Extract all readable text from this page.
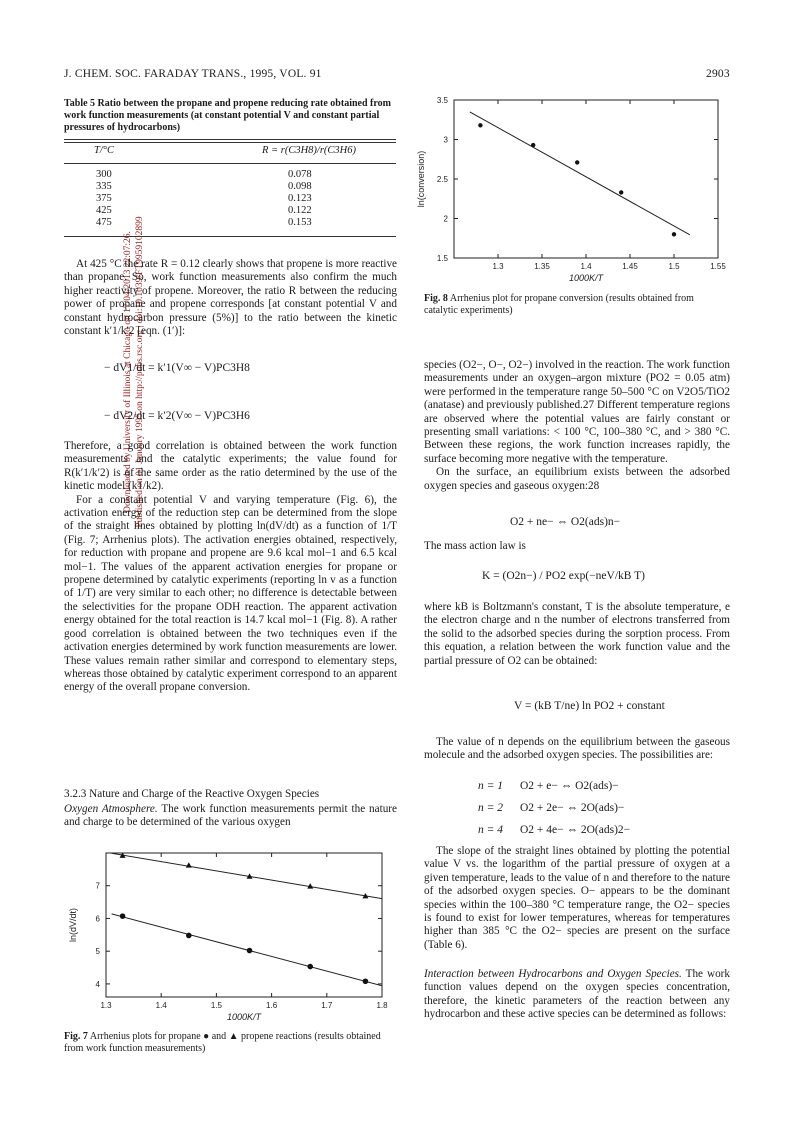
Downloaded by University of Illinois at Chicago on 17/04/2013 22:07:26. Published on 01 January 1995 on http://pubs.rsc.org | doi:10.1039/FT9959102899
J. CHEM. SOC. FARADAY TRANS., 1995, VOL. 91	2903
Table 5 Ratio between the propane and propene reducing rate obtained from work function measurements (at constant potential V and constant partial pressures of hydrocarbons)
T/°C	R = r(C3H8)/r(C3H6)
300	0.078
335	0.098
375	0.123
425	0.122
475	0.153

At 425 °C the rate R = 0.12 clearly shows that propene is more reactive than propane. So, work function measurements also confirm the much higher reactivity of propene. Moreover, the ratio R between the reducing power of propane and propene corresponds [at constant potential V and constant hydrocarbon pressure (5%)] to the ratio between the kinetic constant k′1/k′2 [eqn. (1′)]:

− dV1/dt = k′1(V∞ − V)PC3H8
− dV2/dt = k′2(V∞ − V)PC3H6

Therefore, a good correlation is obtained between the work function measurements and the catalytic experiments; the value found for R(k′1/k′2) is of the same order as the ratio determined by the use of the kinetic model (k1/k2).

For a constant potential V and varying temperature (Fig. 6), the activation energy of the reduction step can be determined from the slope of the straight lines obtained by plotting ln(dV/dt) as a function of 1/T (Fig. 7; Arrhenius plots). The activation energies obtained, respectively, for reduction with propane and propene are 9.6 kcal mol−1 and 6.5 kcal mol−1. The values of the apparent activation energies for propane or propene determined by catalytic experiments (reporting ln v as a function of 1/T) are very similar to each other; no difference is detectable between the selectivities for the propane ODH reaction. The apparent activation energy obtained for the total reaction is 14.7 kcal mol−1 (Fig. 8). A rather good correlation is obtained between the two techniques even if the activation energies determined by work function measurements are lower. These values remain rather similar and correspond to elementary steps, whereas those obtained by catalytic experiment correspond to an apparent energy of the overall propane conversion.

3.2.3 Nature and Charge of the Reactive Oxygen Species

Oxygen Atmosphere. The work function measurements permit the nature and charge to be determined of the various oxygen

1.3	1.4	1.5	1.6	1.7	1.8
4
5
6
7
1000K/T
ln(dV/dt)
Fig. 7 Arrhenius plots for propane ● and ▲ propene reactions (results obtained from work function measurements)
1.3	1.35	1.4	1.45	1.5	1.55
1.5
2
2.5
3
3.5
1000K/T
ln(conversion)
Fig. 8 Arrhenius plot for propane conversion (results obtained from catalytic experiments)

species (O2−, O−, O2−) involved in the reaction. The work function measurements under an oxygen–argon mixture (PO2 = 0.05 atm) were performed in the temperature range 50–500 °C on V2O5/TiO2 (anatase) and previously published.27 Different temperature regions are observed where the potential values are fairly constant or presenting small variations: < 100 °C, 100–380 °C, and > 380 °C. Between these regions, the work function increases rapidly, the surface becoming more negative with the temperature.

On the surface, an equilibrium exists between the adsorbed oxygen species and gaseous oxygen:28

O2 + ne− ⇔ O2(ads)n−
The mass action law is
K = (O2n−) / PO2 exp(−neV/kB T)

where kB is Boltzmann's constant, T is the absolute temperature, e the electron charge and n the number of electrons transferred from the solid to the adsorbed species during the sorption process. From this equation, a relation between the work function value and the partial pressure of O2 can be obtained:

V = (kB T/ne) ln PO2 + constant

The value of n depends on the equilibrium between the gaseous molecule and the adsorbed oxygen species. The possibilities are:

n = 1 O2 + e− ⇔ O2(ads)−
n = 2 O2 + 2e− ⇔ 2O(ads)−
n = 4 O2 + 4e− ⇔ 2O(ads)2−

The slope of the straight lines obtained by plotting the potential value V vs. the logarithm of the partial pressure of oxygen at a given temperature, leads to the value of n and therefore to the nature of the adsorbed oxygen species. O− appears to be the dominant species within the 100–380 °C temperature range, the O2− species is found to exist for lower temperatures, whereas for temperatures higher than 385 °C the O2− species are present on the surface (Table 6).

Interaction between Hydrocarbons and Oxygen Species. The work function values depend on the oxygen species concentration, therefore, the kinetic parameters of the reaction between any hydrocarbon and these active species can be determined as follows:
